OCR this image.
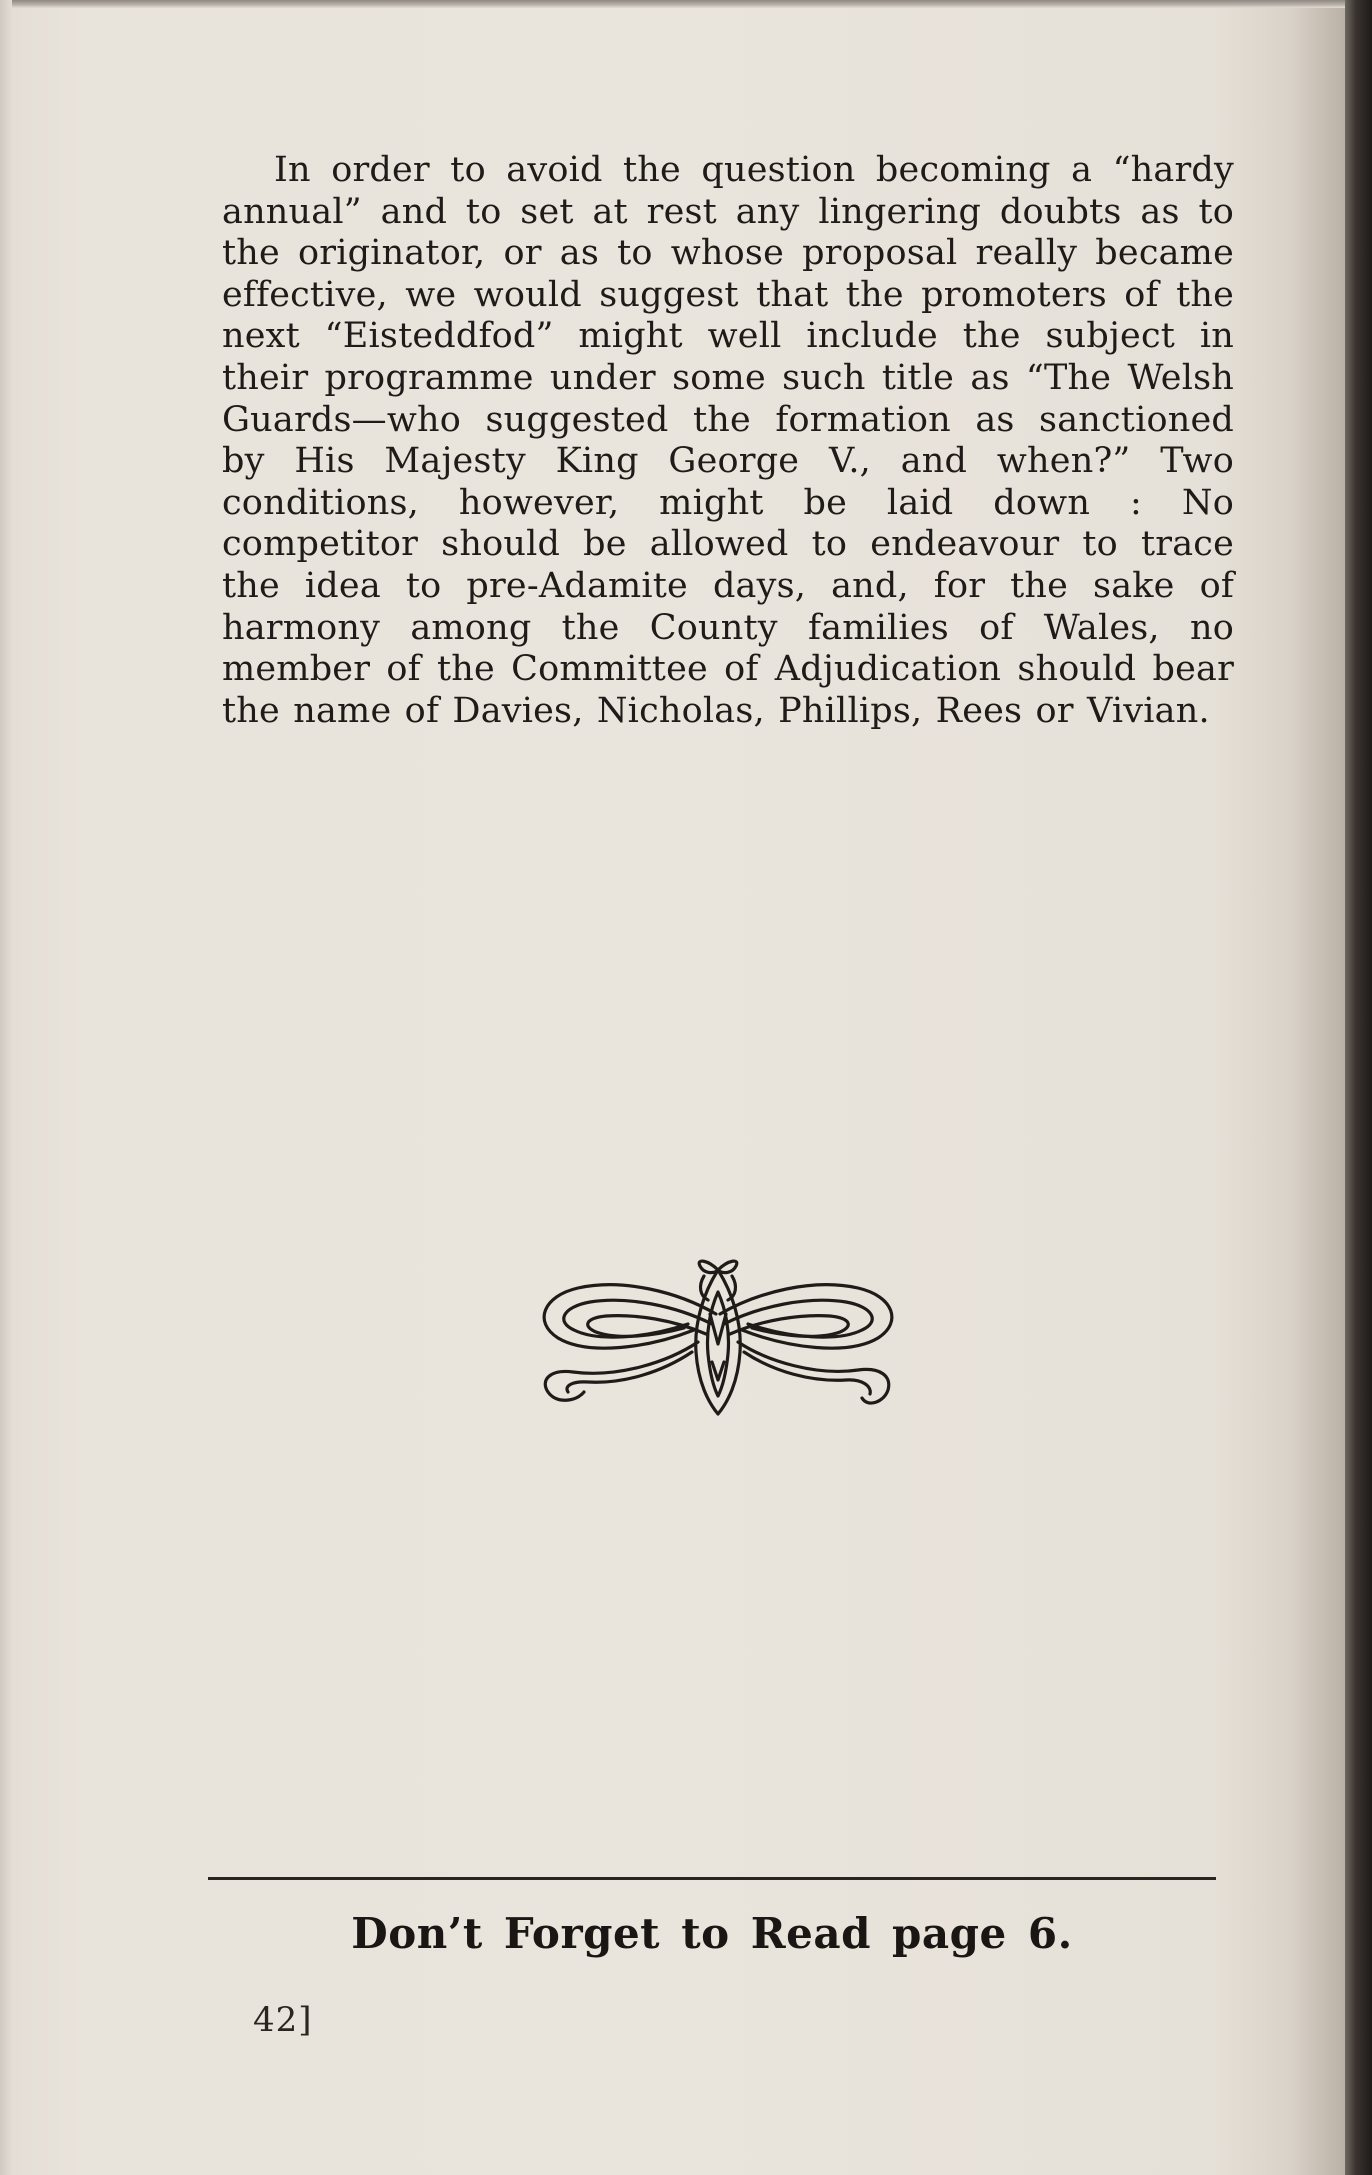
In order to avoid the question becoming a “hardy annual” and to set at rest any lingering doubts as to the originator, or as to whose proposal really became effective, we would suggest that the promoters of the next “Eisteddfod” might well include the subject in their programme under some such title as “The Welsh Guards—who suggested the formation as sanctioned by His Majesty King George V., and when?” Two conditions, however, might be laid down : No competitor should be allowed to endeavour to trace the idea to pre-Adamite days, and, for the sake of harmony among the County families of Wales, no member of the Committee of Adjudication should bear the name of Davies, Nicholas, Phillips, Rees or Vivian.

Don’t Forget to Read page 6.
42]
